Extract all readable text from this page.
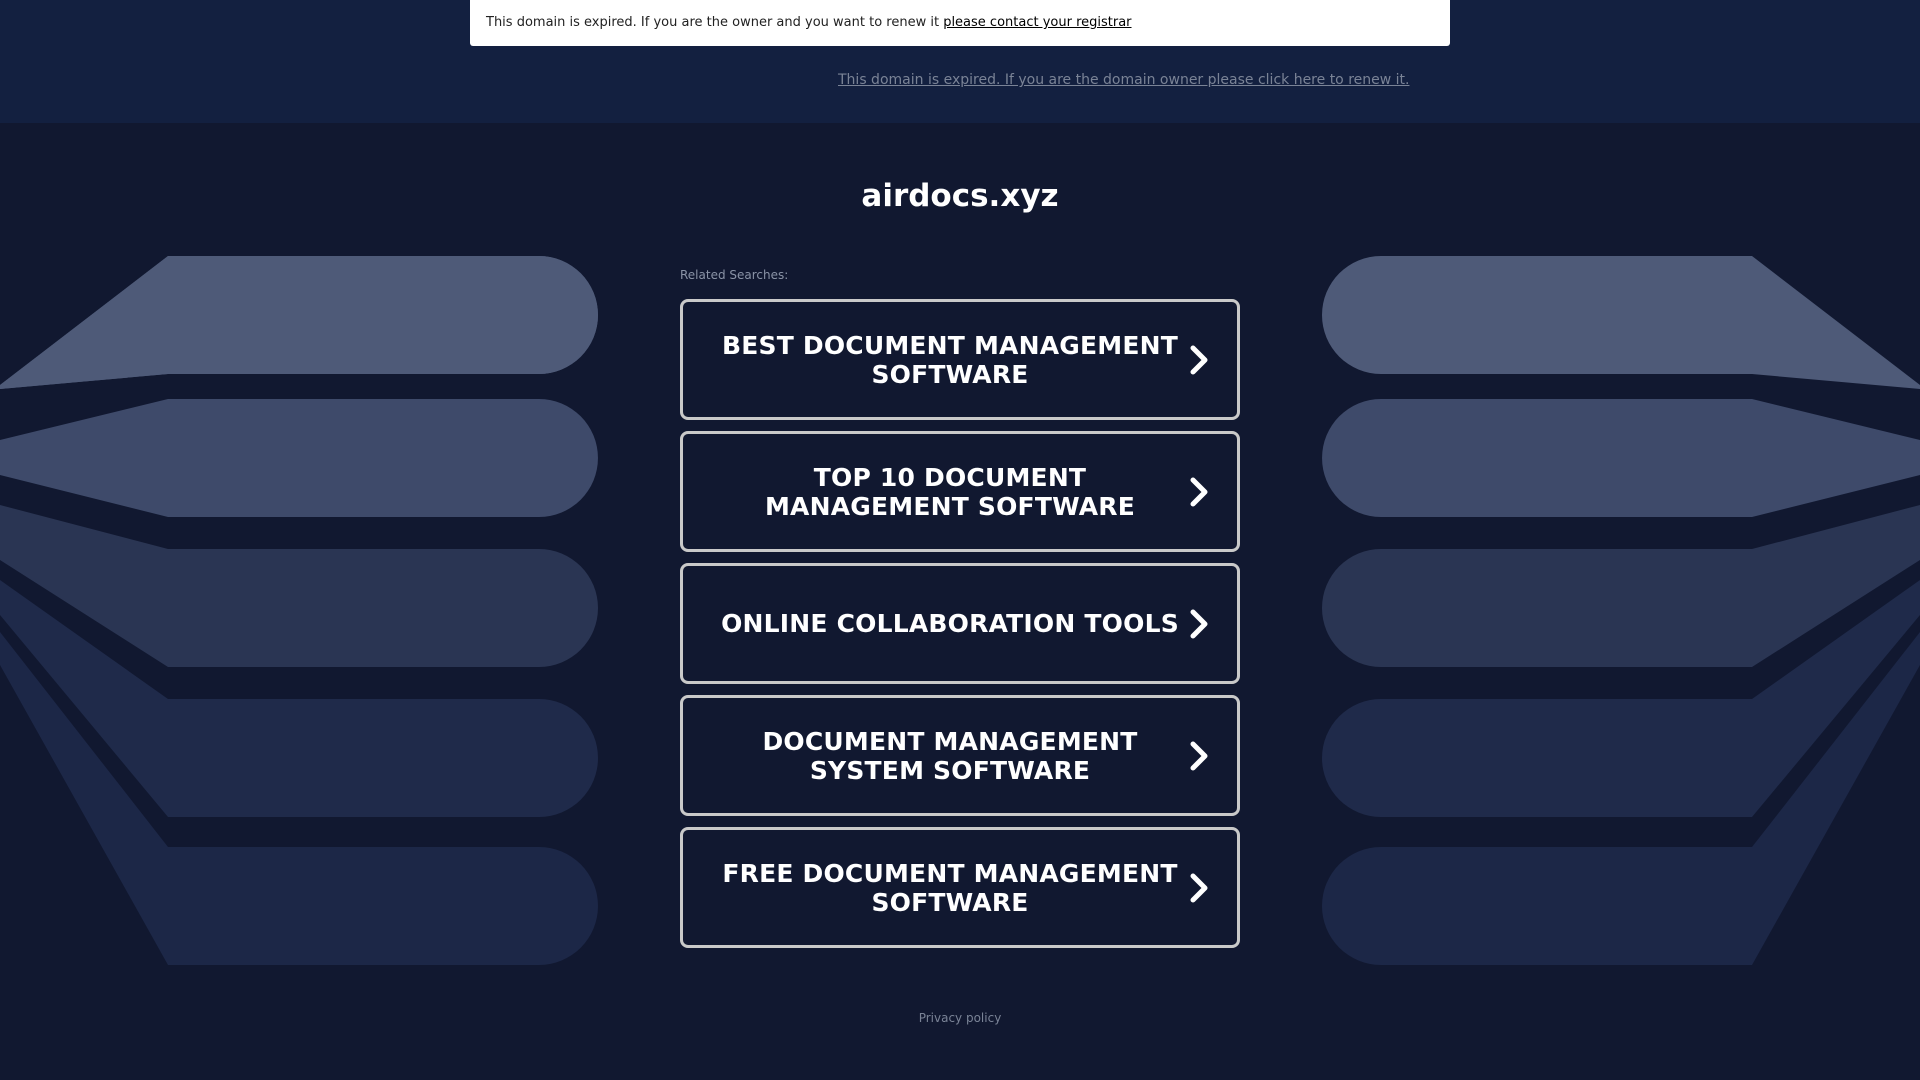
This domain is expired. If you are the owner and you want to renew it please contact your registrar
This domain is expired. If you are the domain owner please click here to renew it.
airdocs.xyz
Related Searches:
BEST DOCUMENT MANAGEMENT SOFTWARE
TOP 10 DOCUMENT MANAGEMENT SOFTWARE
ONLINE COLLABORATION TOOLS
DOCUMENT MANAGEMENT SYSTEM SOFTWARE
FREE DOCUMENT MANAGEMENT SOFTWARE
Privacy policy
